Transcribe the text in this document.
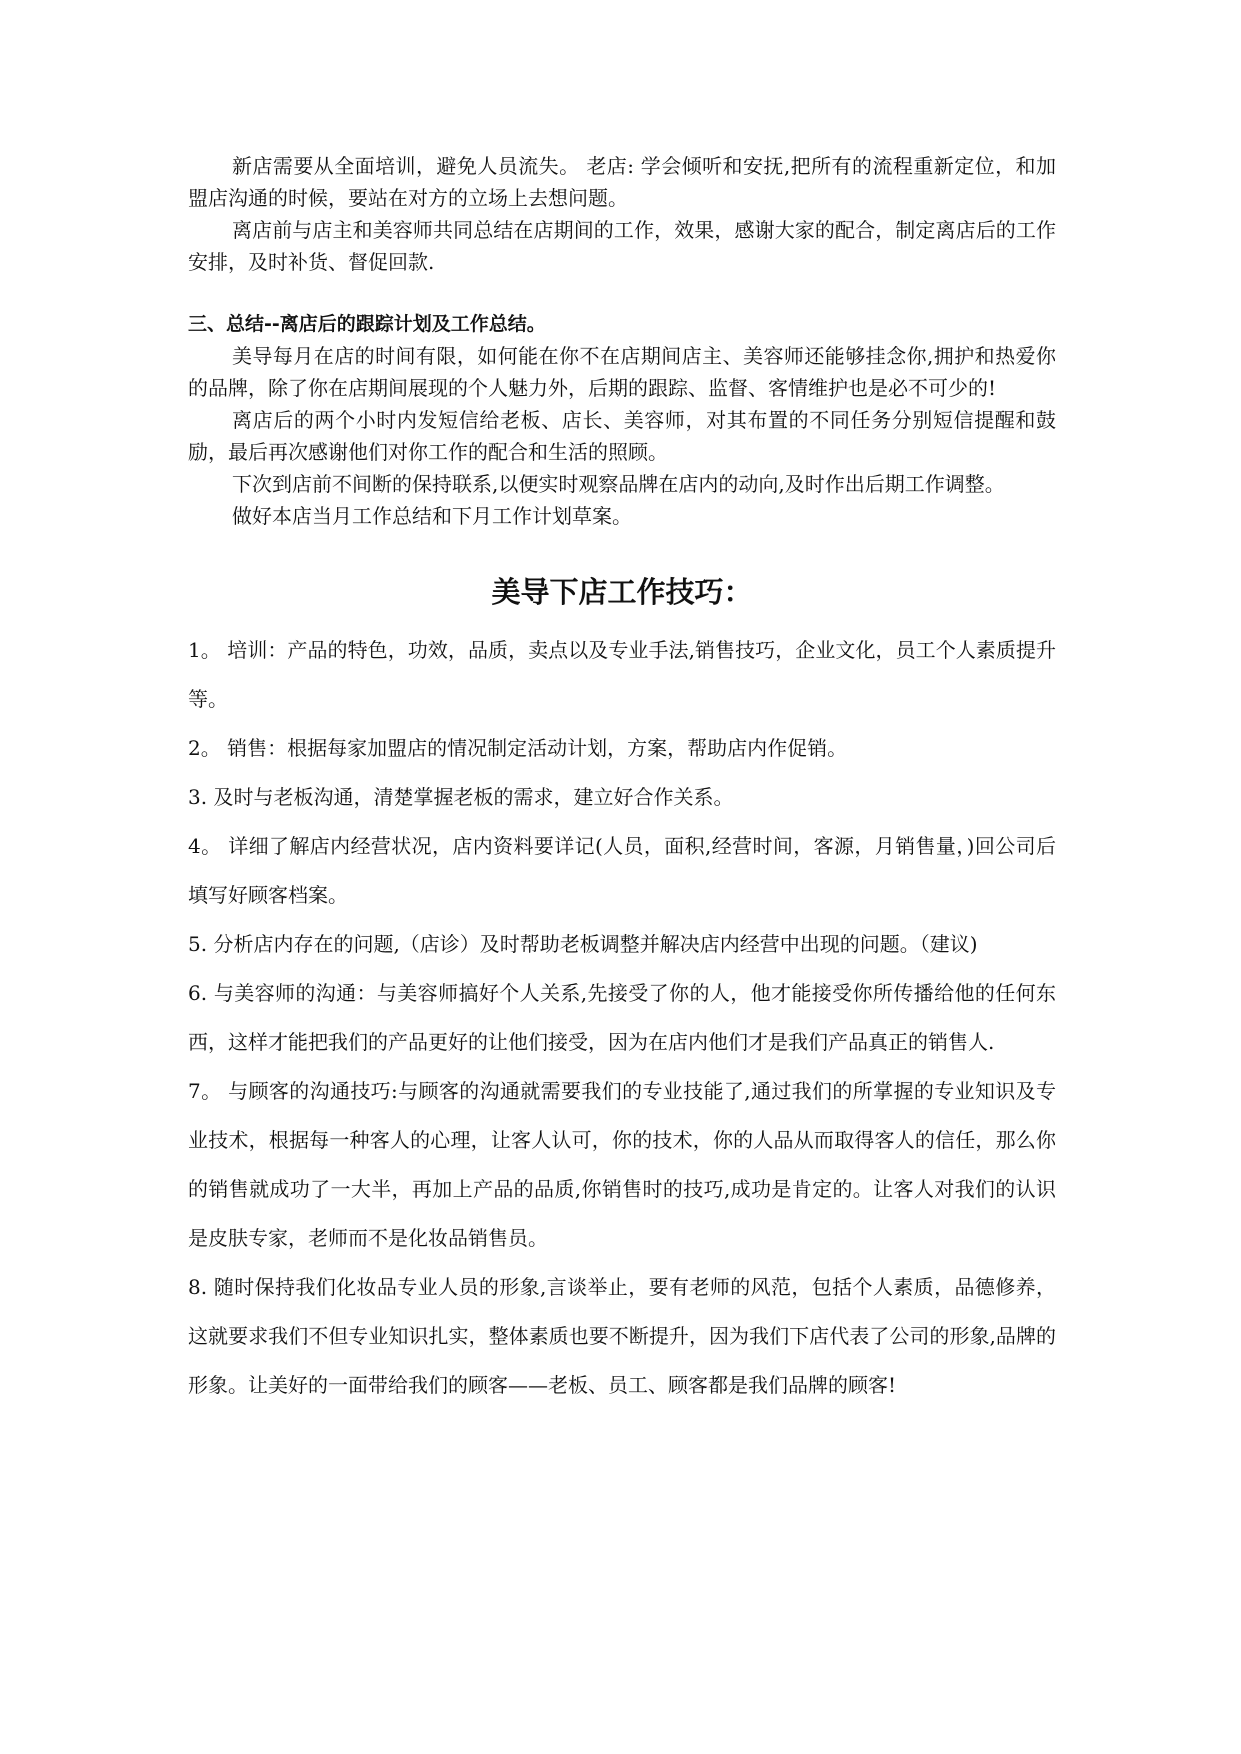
新店需要从全面培训，避免人员流失。 老店: 学会倾听和安抚,把所有的流程重新定位，和加盟店沟通的时候，要站在对方的立场上去想问题。

离店前与店主和美容师共同总结在店期间的工作，效果，感谢大家的配合，制定离店后的工作安排，及时补货、督促回款.

三、总结--离店后的跟踪计划及工作总结。

美导每月在店的时间有限，如何能在你不在店期间店主、美容师还能够挂念你,拥护和热爱你的品牌，除了你在店期间展现的个人魅力外，后期的跟踪、监督、客情维护也是必不可少的!

离店后的两个小时内发短信给老板、店长、美容师，对其布置的不同任务分别短信提醒和鼓励，最后再次感谢他们对你工作的配合和生活的照顾。

下次到店前不间断的保持联系,以便实时观察品牌在店内的动向,及时作出后期工作调整。

做好本店当月工作总结和下月工作计划草案。

美导下店工作技巧：

1。 培训：产品的特色，功效，品质，卖点以及专业手法,销售技巧，企业文化，员工个人素质提升等。

2。 销售：根据每家加盟店的情况制定活动计划，方案，帮助店内作促销。

3. 及时与老板沟通，清楚掌握老板的需求，建立好合作关系。

4。 详细了解店内经营状况，店内资料要详记(人员，面积,经营时间，客源，月销售量，)回公司后填写好顾客档案。

5. 分析店内存在的问题,（店诊）及时帮助老板调整并解决店内经营中出现的问题。（建议)

6. 与美容师的沟通：与美容师搞好个人关系,先接受了你的人，他才能接受你所传播给他的任何东西，这样才能把我们的产品更好的让他们接受，因为在店内他们才是我们产品真正的销售人.

7。 与顾客的沟通技巧:与顾客的沟通就需要我们的专业技能了,通过我们的所掌握的专业知识及专业技术，根据每一种客人的心理，让客人认可，你的技术，你的人品从而取得客人的信任，那么你的销售就成功了一大半，再加上产品的品质,你销售时的技巧,成功是肯定的。让客人对我们的认识是皮肤专家，老师而不是化妆品销售员。

8. 随时保持我们化妆品专业人员的形象,言谈举止，要有老师的风范，包括个人素质，品德修养，这就要求我们不但专业知识扎实，整体素质也要不断提升，因为我们下店代表了公司的形象,品牌的形象。让美好的一面带给我们的顾客——老板、员工、顾客都是我们品牌的顾客!
